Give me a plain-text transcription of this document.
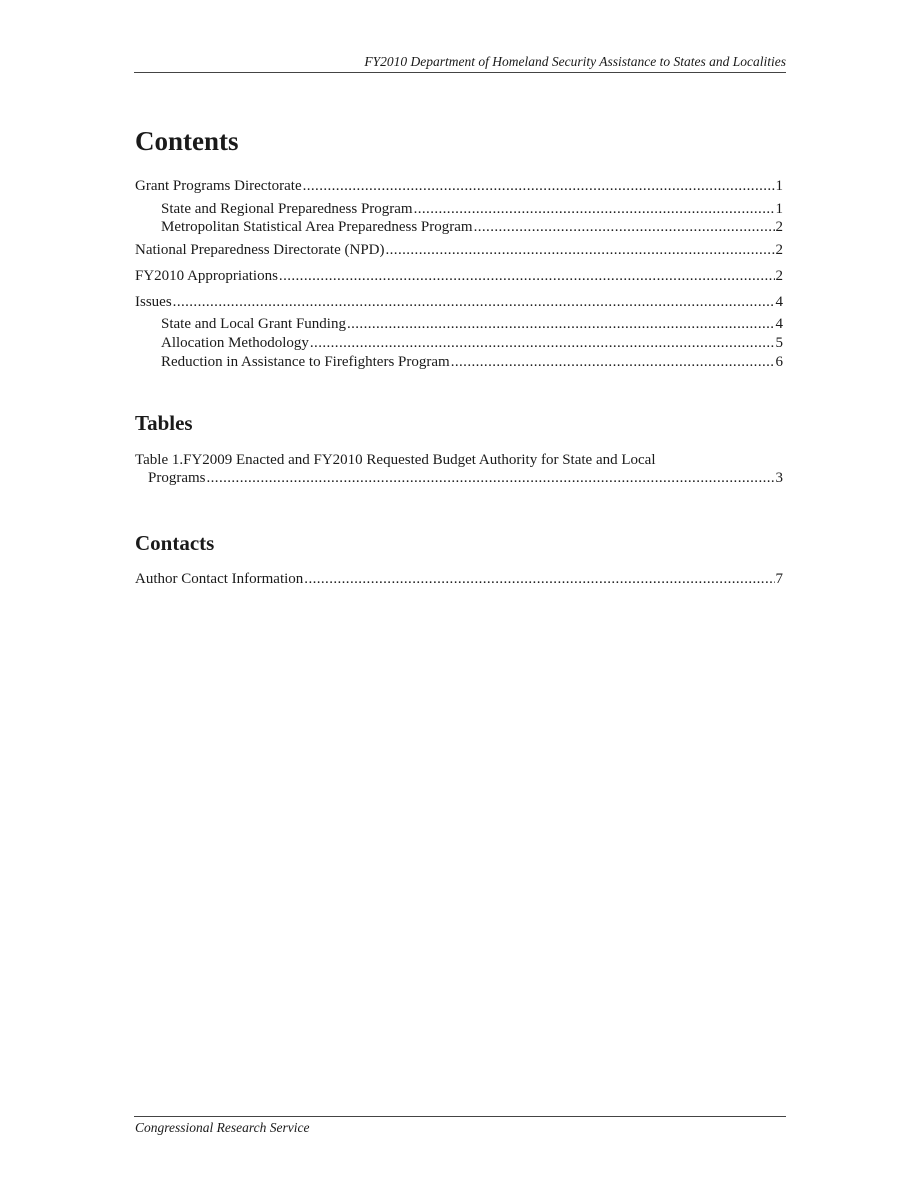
FY2010 Department of Homeland Security Assistance to States and Localities
Contents
Grant Programs Directorate .....	1
State and Regional Preparedness Program .....	1
Metropolitan Statistical Area Preparedness Program .....	2
National Preparedness Directorate (NPD) .....	2
FY2010 Appropriations .....	2
Issues .....	4
State and Local Grant Funding .....	4
Allocation Methodology .....	5
Reduction in Assistance to Firefighters Program .....	6
Tables
Table 1.FY2009 Enacted and FY2010 Requested Budget Authority for State and Local
Programs .....	3
Contacts
Author Contact Information .....	7
Congressional Research Service
